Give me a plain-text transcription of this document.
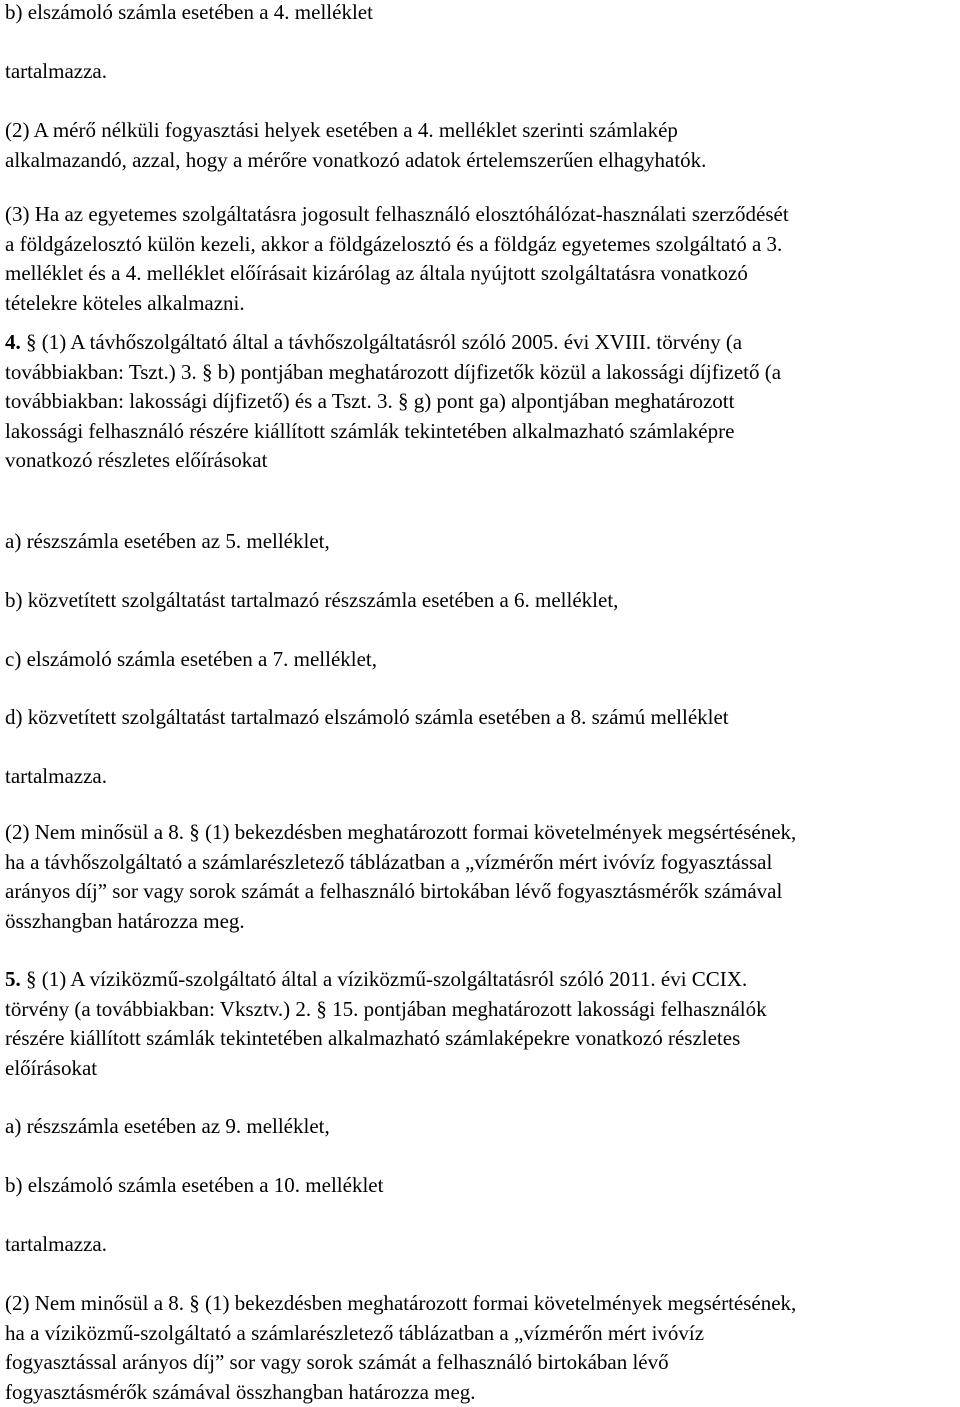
b) elszámoló számla esetében a 4. melléklet
tartalmazza.
(2) A mérő nélküli fogyasztási helyek esetében a 4. melléklet szerinti számlakép
alkalmazandó, azzal, hogy a mérőre vonatkozó adatok értelemszerűen elhagyhatók.
(3) Ha az egyetemes szolgáltatásra jogosult felhasználó elosztóhálózat-használati szerződését
a földgázelosztó külön kezeli, akkor a földgázelosztó és a földgáz egyetemes szolgáltató a 3.
melléklet és a 4. melléklet előírásait kizárólag az általa nyújtott szolgáltatásra vonatkozó
tételekre köteles alkalmazni.
4. § (1) A távhőszolgáltató által a távhőszolgáltatásról szóló 2005. évi XVIII. törvény (a
továbbiakban: Tszt.) 3. § b) pontjában meghatározott díjfizetők közül a lakossági díjfizető (a
továbbiakban: lakossági díjfizető) és a Tszt. 3. § g) pont ga) alpontjában meghatározott
lakossági felhasználó részére kiállított számlák tekintetében alkalmazható számlaképre
vonatkozó részletes előírásokat
a) részszámla esetében az 5. melléklet,
b) közvetített szolgáltatást tartalmazó részszámla esetében a 6. melléklet,
c) elszámoló számla esetében a 7. melléklet,
d) közvetített szolgáltatást tartalmazó elszámoló számla esetében a 8. számú melléklet
tartalmazza.
(2) Nem minősül a 8. § (1) bekezdésben meghatározott formai követelmények megsértésének,
ha a távhőszolgáltató a számlarészletező táblázatban a „vízmérőn mért ivóvíz fogyasztással
arányos díj” sor vagy sorok számát a felhasználó birtokában lévő fogyasztásmérők számával
összhangban határozza meg.
5. § (1) A víziközmű-szolgáltató által a víziközmű-szolgáltatásról szóló 2011. évi CCIX.
törvény (a továbbiakban: Vksztv.) 2. § 15. pontjában meghatározott lakossági felhasználók
részére kiállított számlák tekintetében alkalmazható számlaképekre vonatkozó részletes
előírásokat
a) részszámla esetében az 9. melléklet,
b) elszámoló számla esetében a 10. melléklet
tartalmazza.
(2) Nem minősül a 8. § (1) bekezdésben meghatározott formai követelmények megsértésének,
ha a víziközmű-szolgáltató a számlarészletező táblázatban a „vízmérőn mért ivóvíz
fogyasztással arányos díj” sor vagy sorok számát a felhasználó birtokában lévő
fogyasztásmérők számával összhangban határozza meg.
